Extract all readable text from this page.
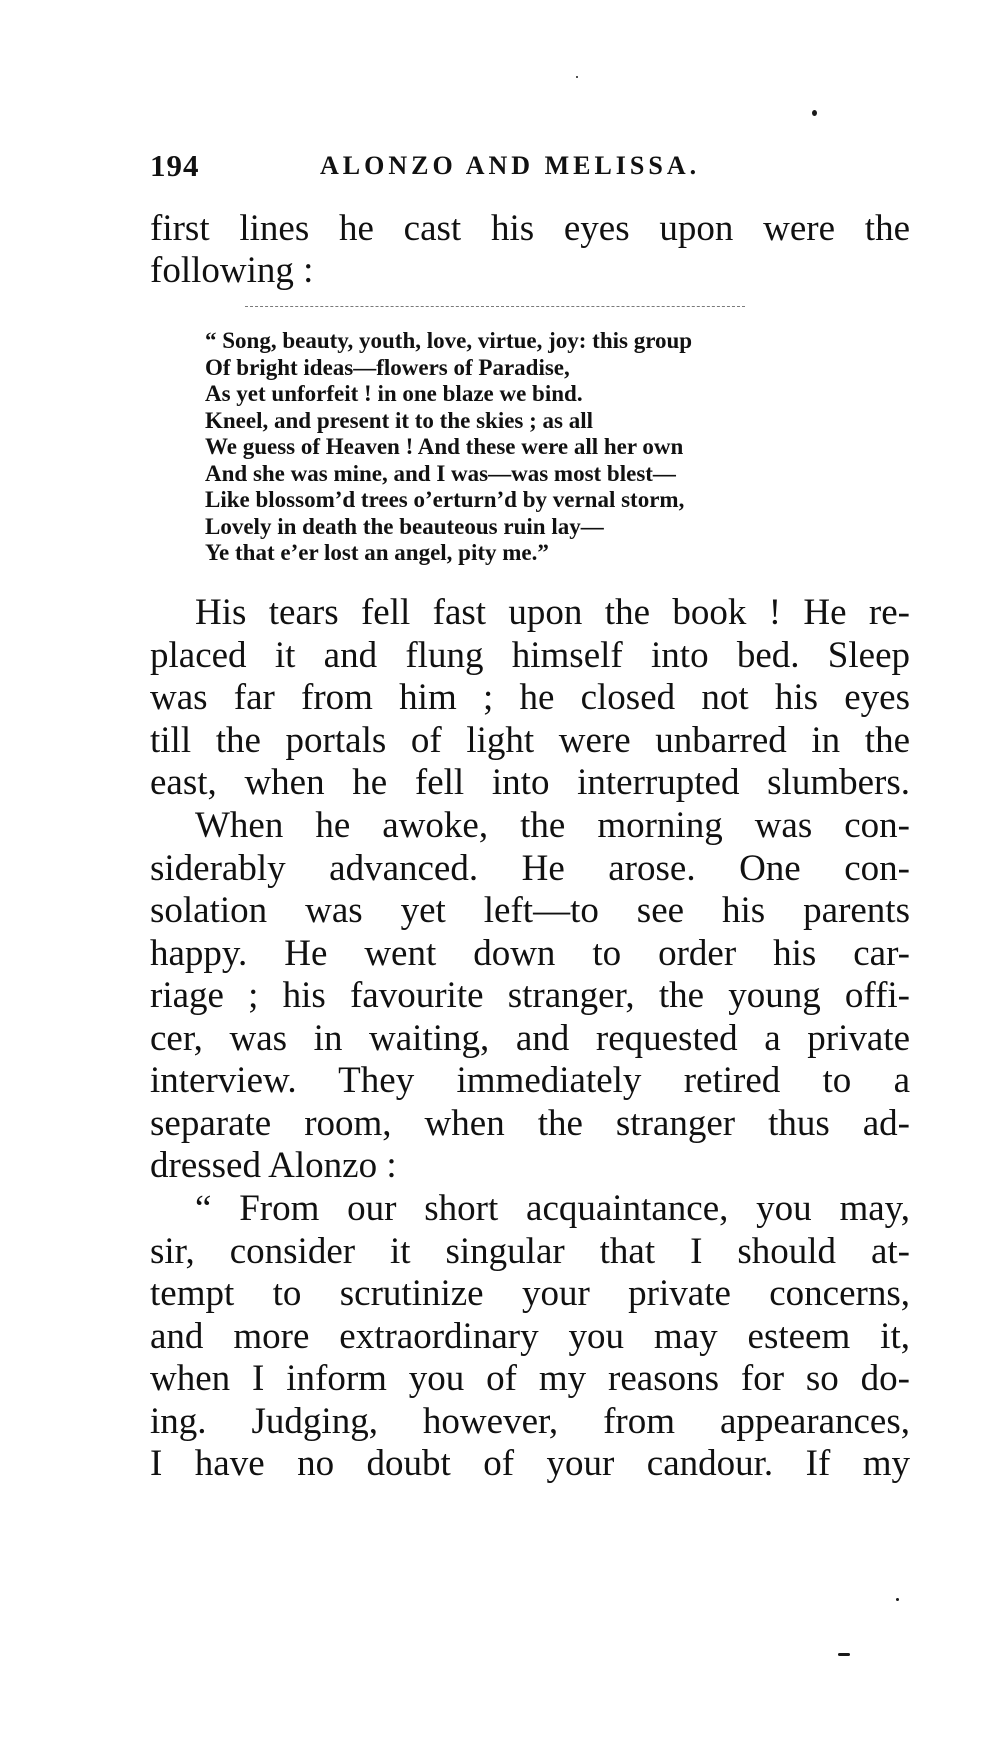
194	ALONZO AND MELISSA.
first lines he cast his eyes upon were the
following :
“ Song, beauty, youth, love, virtue, joy: this group
Of bright ideas—flowers of Paradise,
As yet unforfeit ! in one blaze we bind.
Kneel, and present it to the skies ; as all
We guess of Heaven ! And these were all her own
And she was mine, and I was—was most blest—
Like blossom’d trees o’erturn’d by vernal storm,
Lovely in death the beauteous ruin lay—
Ye that e’er lost an angel, pity me.”
His tears fell fast upon the book ! He re-
placed it and flung himself into bed. Sleep
was far from him ; he closed not his eyes
till the portals of light were unbarred in the
east, when he fell into interrupted slumbers.
When he awoke, the morning was con-
siderably advanced. He arose. One con-
solation was yet left—to see his parents
happy. He went down to order his car-
riage ; his favourite stranger, the young offi-
cer, was in waiting, and requested a private
interview. They immediately retired to a
separate room, when the stranger thus ad-
dressed Alonzo :
“ From our short acquaintance, you may,
sir, consider it singular that I should at-
tempt to scrutinize your private concerns,
and more extraordinary you may esteem it,
when I inform you of my reasons for so do-
ing. Judging, however, from appearances,
I have no doubt of your candour. If my
